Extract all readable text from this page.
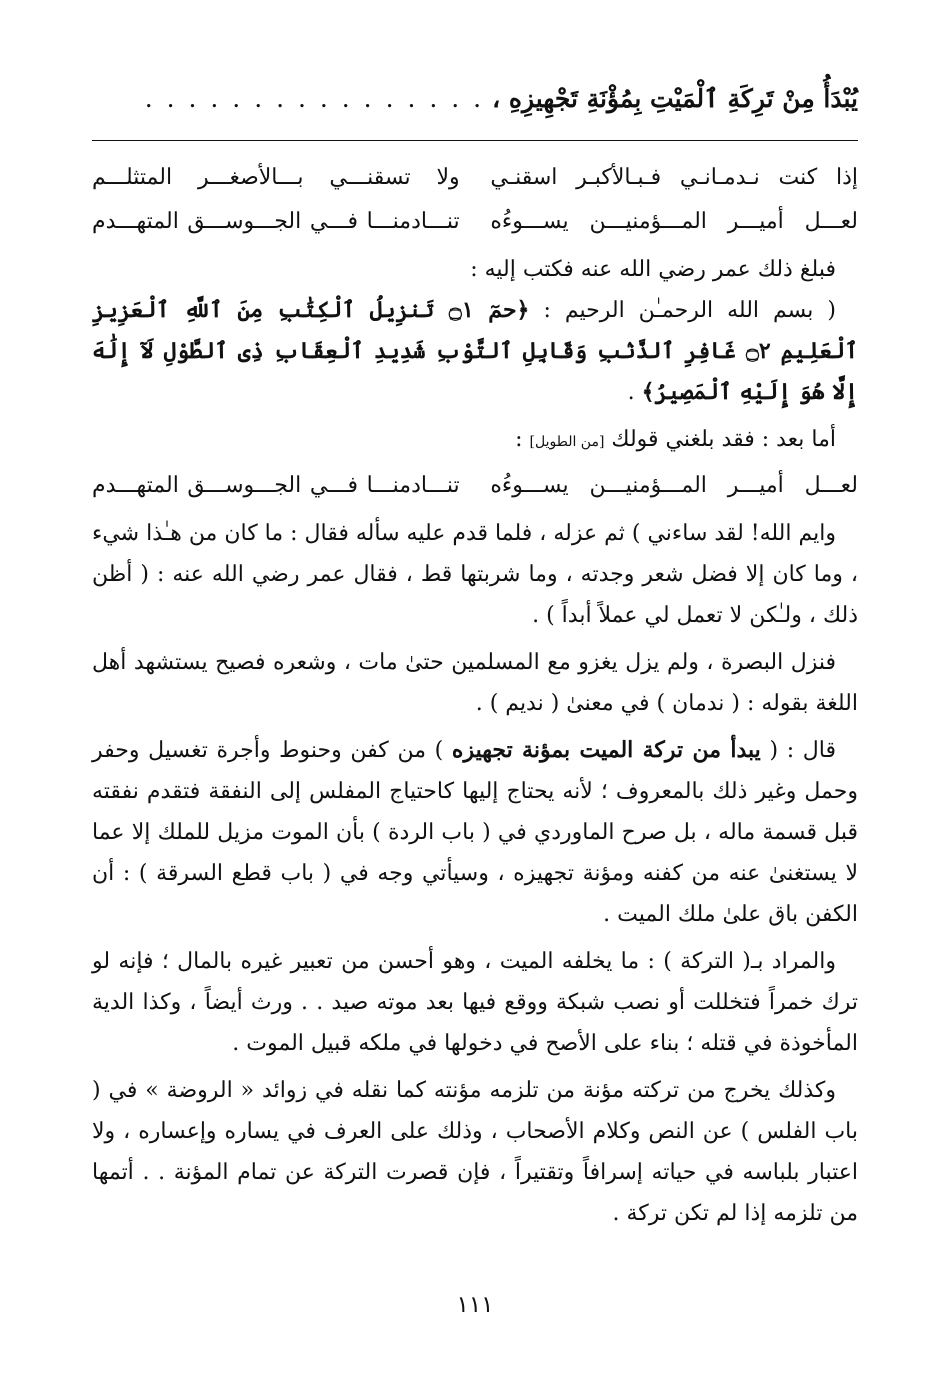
يُبْدَأُ مِنْ تَرِكَةِ ٱلْمَيْتِ بِمُؤْنَةِ تَجْهِيزِهِ ،
. . . . . . . . . . . . . . . .
إذا كنت نـدمـانـي فـبـالأكبـر اسقنـي
ولا تسقنـــي بـــالأصغـــر المتثلـــم
لعـــل أميـــر المـــؤمنيـــن يســـوءُه
تنـــادمنـــا فـــي الجـــوســـق المتهـــدم

فبلغ ذلك عمر رضي الله عنه فكتب إليه :

( بسم الله الرحمـٰن الرحيم : ﴿حمٓ ۝١ تَنزِيلُ ٱلْكِتَٰبِ مِنَ ٱللَّهِ ٱلْعَزِيزِ ٱلْعَلِيمِ ۝٢ غَافِرِ ٱلذَّنۢبِ وَقَابِلِ ٱلتَّوْبِ شَدِيدِ ٱلْعِقَابِ ذِى ٱلطَّوْلِ لَآ إِلَٰهَ إِلَّا هُوَ إِلَيْهِ ٱلْمَصِيرُ﴾ .

أما بعد : فقد بلغني قولك [من الطويل] :

لعـــل أميـــر المـــؤمنيـــن يســـوءُه
تنـــادمنـــا فـــي الجـــوســـق المتهـــدم

وايم الله! لقد ساءني ) ثم عزله ، فلما قدم عليه سأله فقال : ما كان من هـٰذا شيء ، وما كان إلا فضل شعر وجدته ، وما شربتها قط ، فقال عمر رضي الله عنه : ( أظن ذلك ، ولـٰكن لا تعمل لي عملاً أبداً ) .

فنزل البصرة ، ولم يزل يغزو مع المسلمين حتىٰ مات ، وشعره فصيح يستشهد أهل اللغة بقوله : ( ندمان ) في معنىٰ ( نديم ) .

قال : ( يبدأ من تركة الميت بمؤنة تجهيزه ) من كفن وحنوط وأجرة تغسيل وحفر وحمل وغير ذلك بالمعروف ؛ لأنه يحتاج إليها كاحتياج المفلس إلى النفقة فتقدم نفقته قبل قسمة ماله ، بل صرح الماوردي في ( باب الردة ) بأن الموت مزيل للملك إلا عما لا يستغنىٰ عنه من كفنه ومؤنة تجهيزه ، وسيأتي وجه في ( باب قطع السرقة ) : أن الكفن باق علىٰ ملك الميت .

والمراد بـ( التركة ) : ما يخلفه الميت ، وهو أحسن من تعبير غيره بالمال ؛ فإنه لو ترك خمراً فتخللت أو نصب شبكة ووقع فيها بعد موته صيد . . ورث أيضاً ، وكذا الدية المأخوذة في قتله ؛ بناء على الأصح في دخولها في ملكه قبيل الموت .

وكذلك يخرج من تركته مؤنة من تلزمه مؤنته كما نقله في زوائد « الروضة » في ( باب الفلس ) عن النص وكلام الأصحاب ، وذلك على العرف في يساره وإعساره ، ولا اعتبار بلباسه في حياته إسرافاً وتقتيراً ، فإن قصرت التركة عن تمام المؤنة . . أتمها من تلزمه إذا لم تكن تركة .

١١١
